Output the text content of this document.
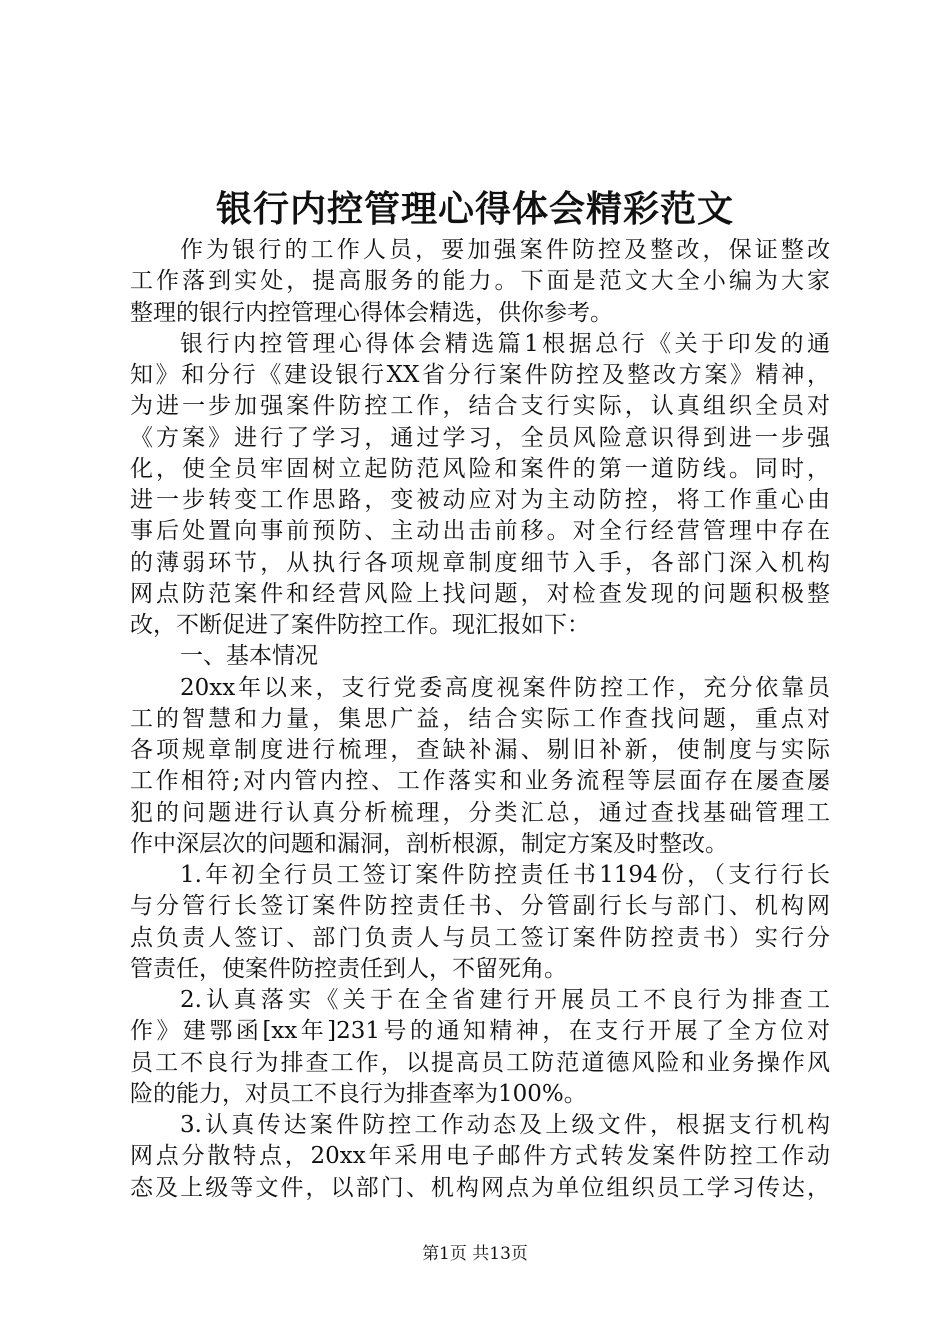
银行内控管理心得体会精彩范文
作为银行的工作人员，要加强案件防控及整改，保证整改
工作落到实处，提高服务的能力。下面是范文大全小编为大家
整理的银行内控管理心得体会精选，供你参考。
银行内控管理心得体会精选篇1根据总行《关于印发的通
知》和分行《建设银行XX省分行案件防控及整改方案》精神，
为进一步加强案件防控工作，结合支行实际，认真组织全员对
《方案》进行了学习，通过学习，全员风险意识得到进一步强
化，使全员牢固树立起防范风险和案件的第一道防线。同时，
进一步转变工作思路，变被动应对为主动防控，将工作重心由
事后处置向事前预防、主动出击前移。对全行经营管理中存在
的薄弱环节，从执行各项规章制度细节入手，各部门深入机构
网点防范案件和经营风险上找问题，对检查发现的问题积极整
改，不断促进了案件防控工作。现汇报如下：
一、基本情况
20xx年以来，支行党委高度视案件防控工作，充分依靠员
工的智慧和力量，集思广益，结合实际工作查找问题，重点对
各项规章制度进行梳理，查缺补漏、剔旧补新，使制度与实际
工作相符;对内管内控、工作落实和业务流程等层面存在屡查屡
犯的问题进行认真分析梳理，分类汇总，通过查找基础管理工
作中深层次的问题和漏洞，剖析根源，制定方案及时整改。
1.年初全行员工签订案件防控责任书1194份，（支行行长
与分管行长签订案件防控责任书、分管副行长与部门、机构网
点负责人签订、部门负责人与员工签订案件防控责书）实行分
管责任，使案件防控责任到人，不留死角。
2.认真落实《关于在全省建行开展员工不良行为排查工
作》建鄂函[xx年]231号的通知精神，在支行开展了全方位对
员工不良行为排查工作，以提高员工防范道德风险和业务操作风
险的能力，对员工不良行为排查率为100%。
3.认真传达案件防控工作动态及上级文件，根据支行机构
网点分散特点，20xx年采用电子邮件方式转发案件防控工作动
态及上级等文件，以部门、机构网点为单位组织员工学习传达，
第1页 共13页
